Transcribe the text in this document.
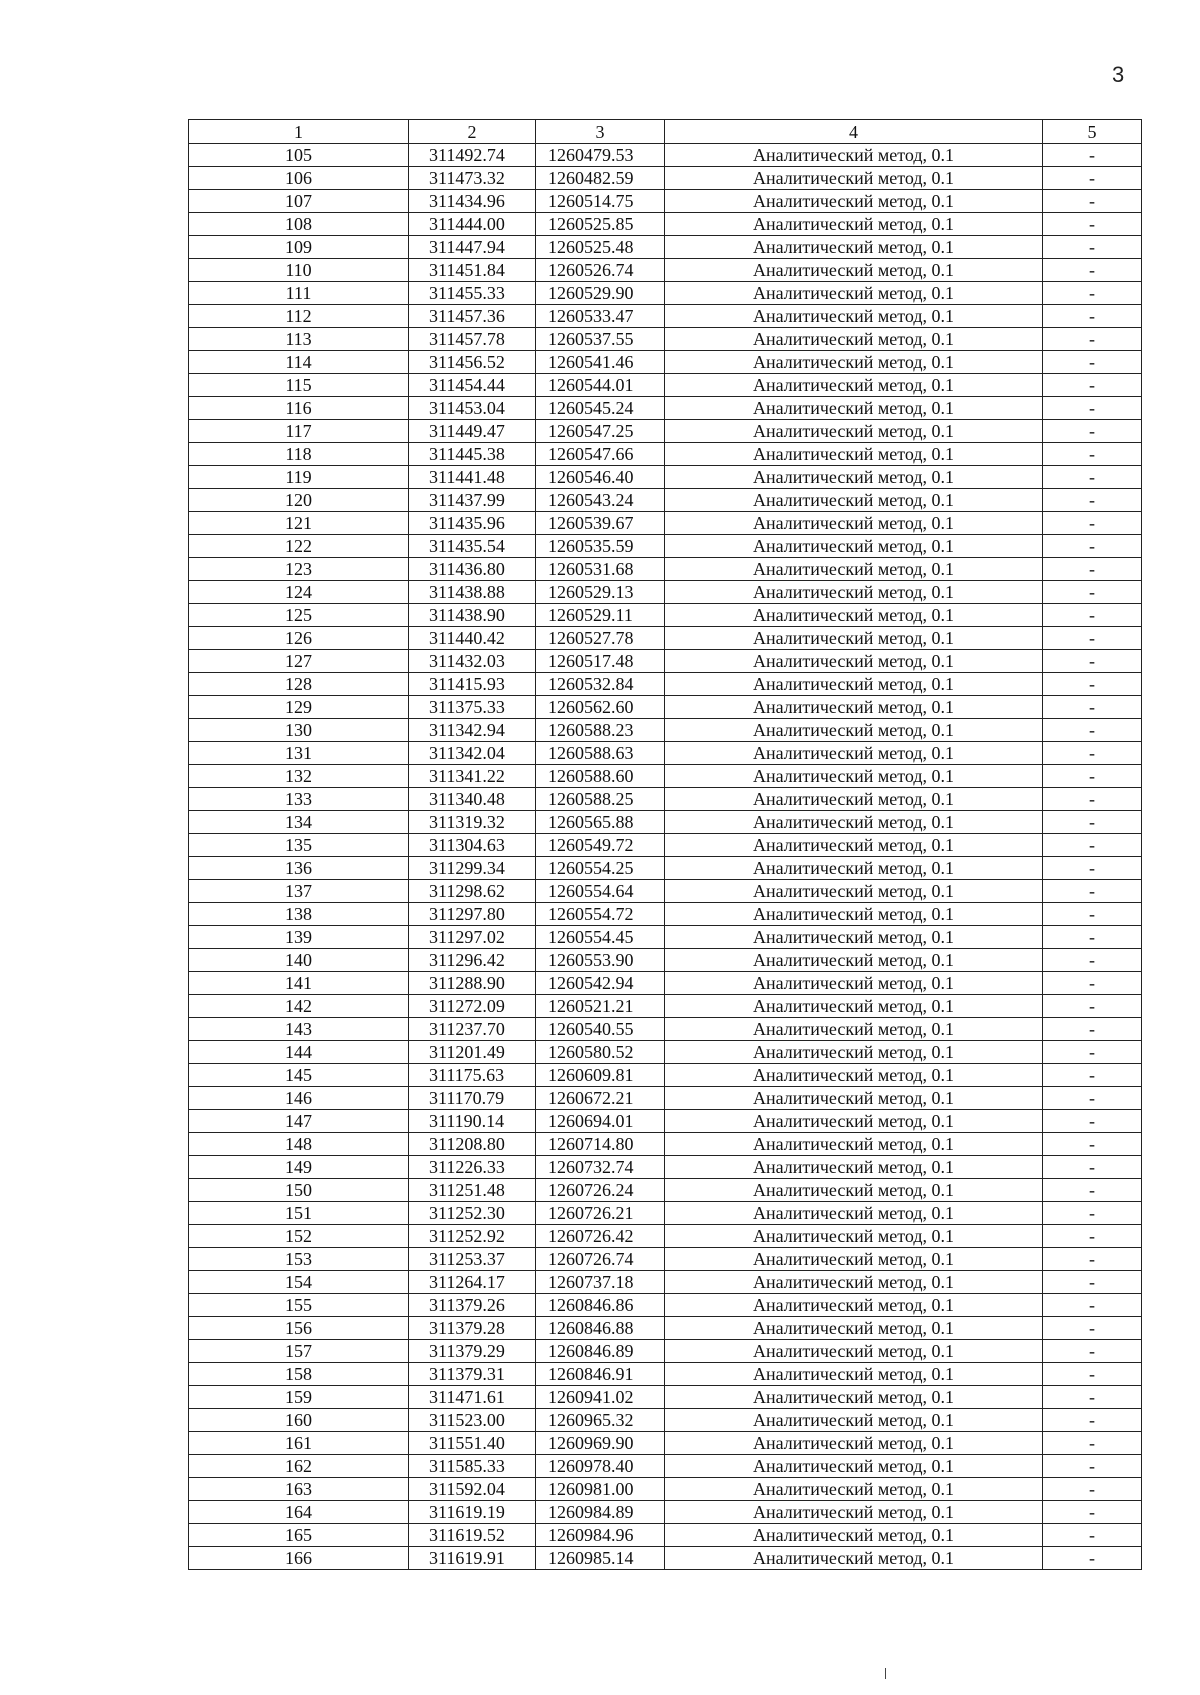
3
1	2	3	4	5
105	311492.74	1260479.53	Аналитический метод, 0.1	-
106	311473.32	1260482.59	Аналитический метод, 0.1	-
107	311434.96	1260514.75	Аналитический метод, 0.1	-
108	311444.00	1260525.85	Аналитический метод, 0.1	-
109	311447.94	1260525.48	Аналитический метод, 0.1	-
110	311451.84	1260526.74	Аналитический метод, 0.1	-
111	311455.33	1260529.90	Аналитический метод, 0.1	-
112	311457.36	1260533.47	Аналитический метод, 0.1	-
113	311457.78	1260537.55	Аналитический метод, 0.1	-
114	311456.52	1260541.46	Аналитический метод, 0.1	-
115	311454.44	1260544.01	Аналитический метод, 0.1	-
116	311453.04	1260545.24	Аналитический метод, 0.1	-
117	311449.47	1260547.25	Аналитический метод, 0.1	-
118	311445.38	1260547.66	Аналитический метод, 0.1	-
119	311441.48	1260546.40	Аналитический метод, 0.1	-
120	311437.99	1260543.24	Аналитический метод, 0.1	-
121	311435.96	1260539.67	Аналитический метод, 0.1	-
122	311435.54	1260535.59	Аналитический метод, 0.1	-
123	311436.80	1260531.68	Аналитический метод, 0.1	-
124	311438.88	1260529.13	Аналитический метод, 0.1	-
125	311438.90	1260529.11	Аналитический метод, 0.1	-
126	311440.42	1260527.78	Аналитический метод, 0.1	-
127	311432.03	1260517.48	Аналитический метод, 0.1	-
128	311415.93	1260532.84	Аналитический метод, 0.1	-
129	311375.33	1260562.60	Аналитический метод, 0.1	-
130	311342.94	1260588.23	Аналитический метод, 0.1	-
131	311342.04	1260588.63	Аналитический метод, 0.1	-
132	311341.22	1260588.60	Аналитический метод, 0.1	-
133	311340.48	1260588.25	Аналитический метод, 0.1	-
134	311319.32	1260565.88	Аналитический метод, 0.1	-
135	311304.63	1260549.72	Аналитический метод, 0.1	-
136	311299.34	1260554.25	Аналитический метод, 0.1	-
137	311298.62	1260554.64	Аналитический метод, 0.1	-
138	311297.80	1260554.72	Аналитический метод, 0.1	-
139	311297.02	1260554.45	Аналитический метод, 0.1	-
140	311296.42	1260553.90	Аналитический метод, 0.1	-
141	311288.90	1260542.94	Аналитический метод, 0.1	-
142	311272.09	1260521.21	Аналитический метод, 0.1	-
143	311237.70	1260540.55	Аналитический метод, 0.1	-
144	311201.49	1260580.52	Аналитический метод, 0.1	-
145	311175.63	1260609.81	Аналитический метод, 0.1	-
146	311170.79	1260672.21	Аналитический метод, 0.1	-
147	311190.14	1260694.01	Аналитический метод, 0.1	-
148	311208.80	1260714.80	Аналитический метод, 0.1	-
149	311226.33	1260732.74	Аналитический метод, 0.1	-
150	311251.48	1260726.24	Аналитический метод, 0.1	-
151	311252.30	1260726.21	Аналитический метод, 0.1	-
152	311252.92	1260726.42	Аналитический метод, 0.1	-
153	311253.37	1260726.74	Аналитический метод, 0.1	-
154	311264.17	1260737.18	Аналитический метод, 0.1	-
155	311379.26	1260846.86	Аналитический метод, 0.1	-
156	311379.28	1260846.88	Аналитический метод, 0.1	-
157	311379.29	1260846.89	Аналитический метод, 0.1	-
158	311379.31	1260846.91	Аналитический метод, 0.1	-
159	311471.61	1260941.02	Аналитический метод, 0.1	-
160	311523.00	1260965.32	Аналитический метод, 0.1	-
161	311551.40	1260969.90	Аналитический метод, 0.1	-
162	311585.33	1260978.40	Аналитический метод, 0.1	-
163	311592.04	1260981.00	Аналитический метод, 0.1	-
164	311619.19	1260984.89	Аналитический метод, 0.1	-
165	311619.52	1260984.96	Аналитический метод, 0.1	-
166	311619.91	1260985.14	Аналитический метод, 0.1	-
